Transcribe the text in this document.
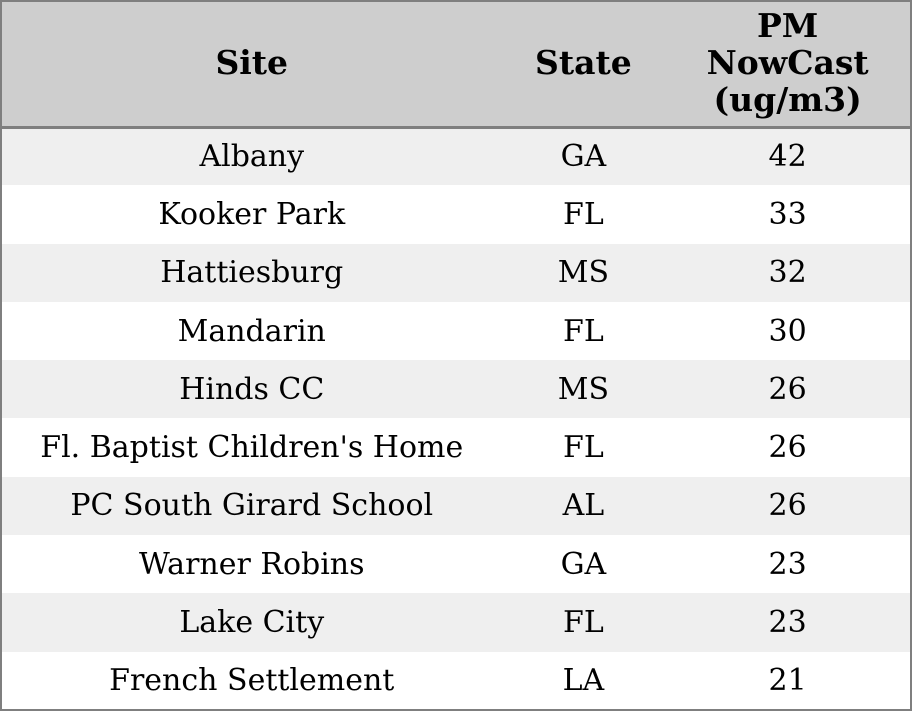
Site	State	PM NowCast (ug/m3)
Albany	GA	42
Kooker Park	FL	33
Hattiesburg	MS	32
Mandarin	FL	30
Hinds CC	MS	26
Fl. Baptist Children's Home	FL	26
PC South Girard School	AL	26
Warner Robins	GA	23
Lake City	FL	23
French Settlement	LA	21
